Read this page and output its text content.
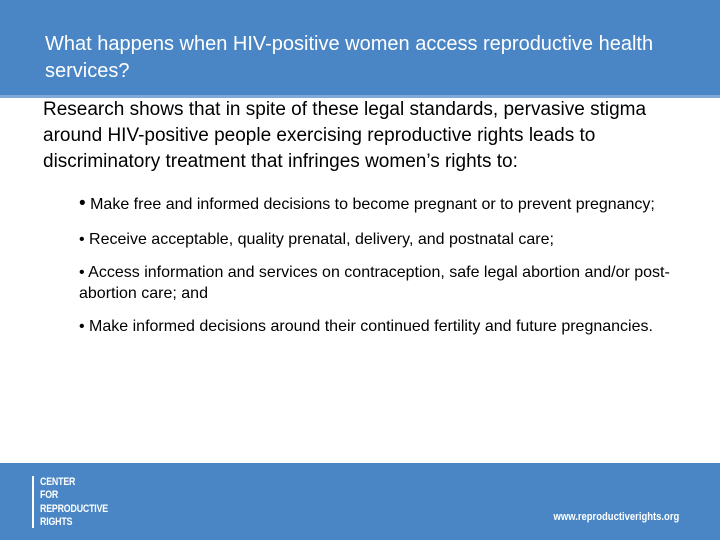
What happens when HIV-positive women access reproductive health services?

Research shows that in spite of these legal standards, pervasive stigma around HIV-positive people exercising reproductive rights leads to discriminatory treatment that infringes women’s rights to:

• Make free and informed decisions to become pregnant or to prevent pregnancy;
• Receive acceptable, quality prenatal, delivery, and postnatal care;
• Access information and services on contraception, safe legal abortion and/or post-abortion care; and
• Make informed decisions around their continued fertility and future pregnancies.
CENTER
FOR
REPRODUCTIVE
RIGHTS	www.reproductiverights.org
